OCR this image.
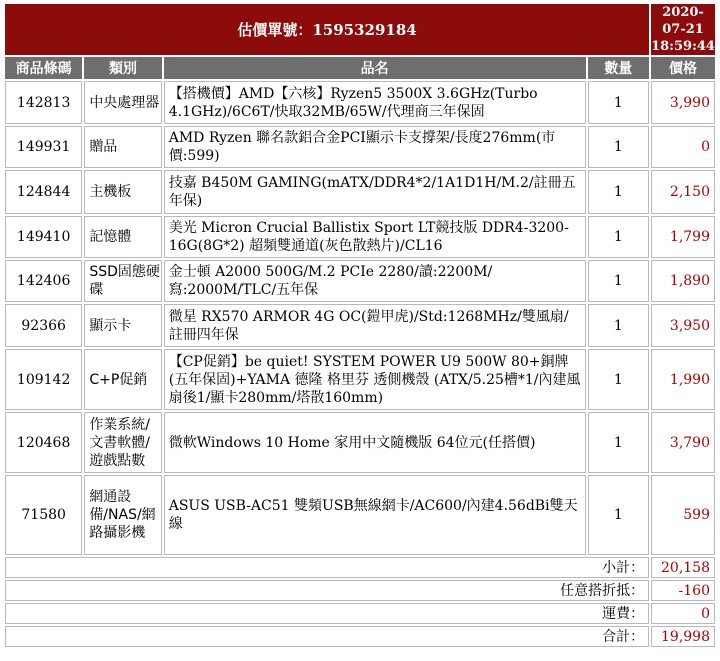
估價單號：1595329184				2020-07-21
18:59:44

商品條碼	類別	品名	數量	價格
142813	中央處理器	【搭機價】AMD【六核】Ryzen5 3500X 3.6GHz(Turbo 4.1GHz)/6C6T/快取32MB/65W/代理商三年保固	1	3,990
149931	贈品	AMD Ryzen 聯名款鋁合金PCI顯示卡支撐架/長度276mm(市價:599)	1	0
124844	主機板	技嘉 B450M GAMING(mATX/DDR4*2/1A1D1H/M.2/註冊五年保)	1	2,150
149410	記憶體	美光 Micron Crucial Ballistix Sport LT競技版 DDR4-3200-16G(8G*2) 超頻雙通道(灰色散熱片)/CL16	1	1,799
142406	SSD固態硬碟	金士頓 A2000 500G/M.2 PCIe 2280/讀:2200M/寫:2000M/TLC/五年保	1	1,890
92366	顯示卡	微星 RX570 ARMOR 4G OC(鎧甲虎)/Std:1268MHz/雙風扇/註冊四年保	1	3,950
109142	C+P促銷	【CP促銷】be quiet! SYSTEM POWER U9 500W 80+銅牌 (五年保固)+YAMA 德隆 格里芬 透側機殼 (ATX/5.25槽*1/內建風扇後1/顯卡280mm/塔散160mm)	1	1,990
120468	作業系統/文書軟體/遊戲點數	微軟Windows 10 Home 家用中文隨機版 64位元(任搭價)	1	3,790
71580	網通設備/NAS/網路攝影機	ASUS USB-AC51 雙頻USB無線網卡/AC600/內建4.56dBi雙天線	1	599
小計：				20,158
任意搭折抵：				-160
運費：				0
合計：				19,998
